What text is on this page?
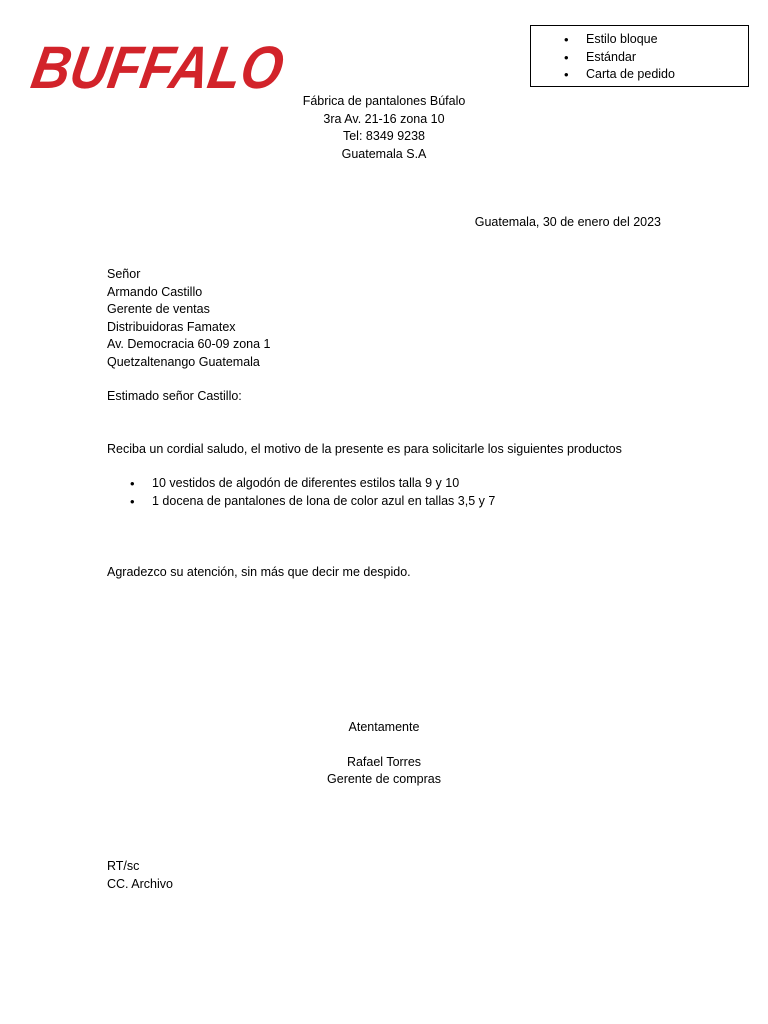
BUFFALO
•	Estilo bloque
• Estándar
• Carta de pedido
Fábrica de pantalones Búfalo
3ra Av. 21-16 zona 10
Tel: 8349 9238
Guatemala S.A
Guatemala, 30 de enero del 2023
Señor
Armando Castillo
Gerente de ventas
Distribuidoras Famatex
Av. Democracia 60-09 zona 1
Quetzaltenango Guatemala
Estimado señor Castillo:
Reciba un cordial saludo, el motivo de la presente es para solicitarle los siguientes productos
• 10 vestidos de algodón de diferentes estilos talla 9 y 10
• 1 docena de pantalones de lona de color azul en tallas 3,5 y 7
Agradezco su atención, sin más que decir me despido.
Atentamente
Rafael Torres
Gerente de compras
RT/sc
CC. Archivo
